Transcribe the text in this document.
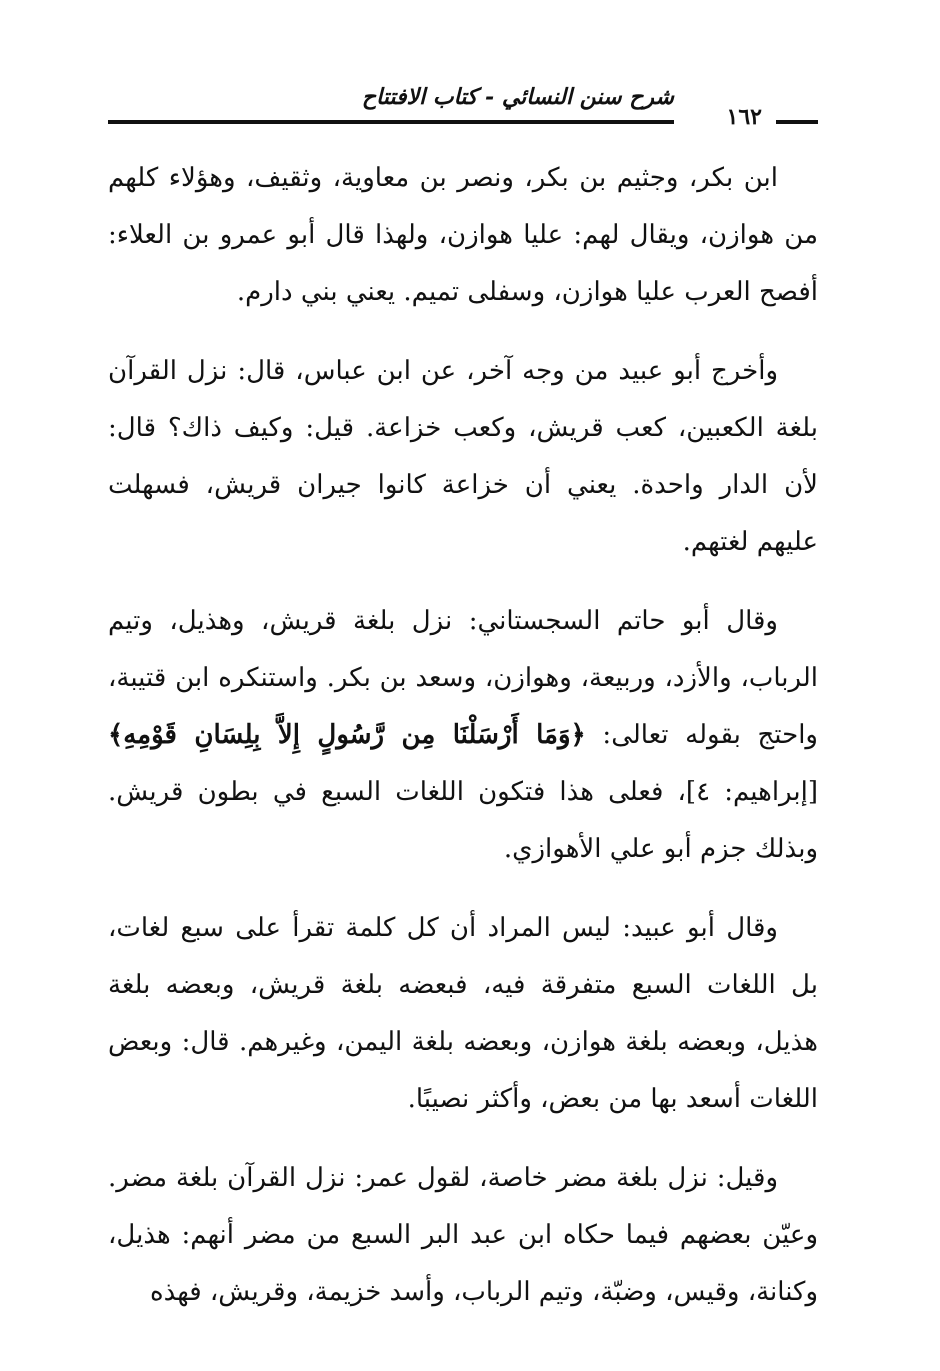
١٦٢
شرح سنن النسائي - كتاب الافتتاح

ابن بكر، وجثيم بن بكر، ونصر بن معاوية، وثقيف، وهؤلاء كلهم من هوازن، ويقال لهم: عليا هوازن، ولهذا قال أبو عمرو بن العلاء: أفصح العرب عليا هوازن، وسفلى تميم. يعني بني دارم.

وأخرج أبو عبيد من وجه آخر، عن ابن عباس، قال: نزل القرآن بلغة الكعبين، كعب قريش، وكعب خزاعة. قيل: وكيف ذاك؟ قال: لأن الدار واحدة. يعني أن خزاعة كانوا جيران قريش، فسهلت عليهم لغتهم.

وقال أبو حاتم السجستاني: نزل بلغة قريش، وهذيل، وتيم الرباب، والأزد، وربيعة، وهوازن، وسعد بن بكر. واستنكره ابن قتيبة، واحتج بقوله تعالى: ﴿وَمَا أَرْسَلْنَا مِن رَّسُولٍ إِلاَّ بِلِسَانِ قَوْمِهِ﴾ [إبراهيم: ٤]، فعلى هذا فتكون اللغات السبع في بطون قريش. وبذلك جزم أبو علي الأهوازي.

وقال أبو عبيد: ليس المراد أن كل كلمة تقرأ على سبع لغات، بل اللغات السبع متفرقة فيه، فبعضه بلغة قريش، وبعضه بلغة هذيل، وبعضه بلغة هوازن، وبعضه بلغة اليمن، وغيرهم. قال: وبعض اللغات أسعد بها من بعض، وأكثر نصيبًا.

وقيل: نزل بلغة مضر خاصة، لقول عمر: نزل القرآن بلغة مضر. وعيّن بعضهم فيما حكاه ابن عبد البر السبع من مضر أنهم: هذيل، وكنانة، وقيس، وضبّة، وتيم الرباب، وأسد خزيمة، وقريش، فهذه
